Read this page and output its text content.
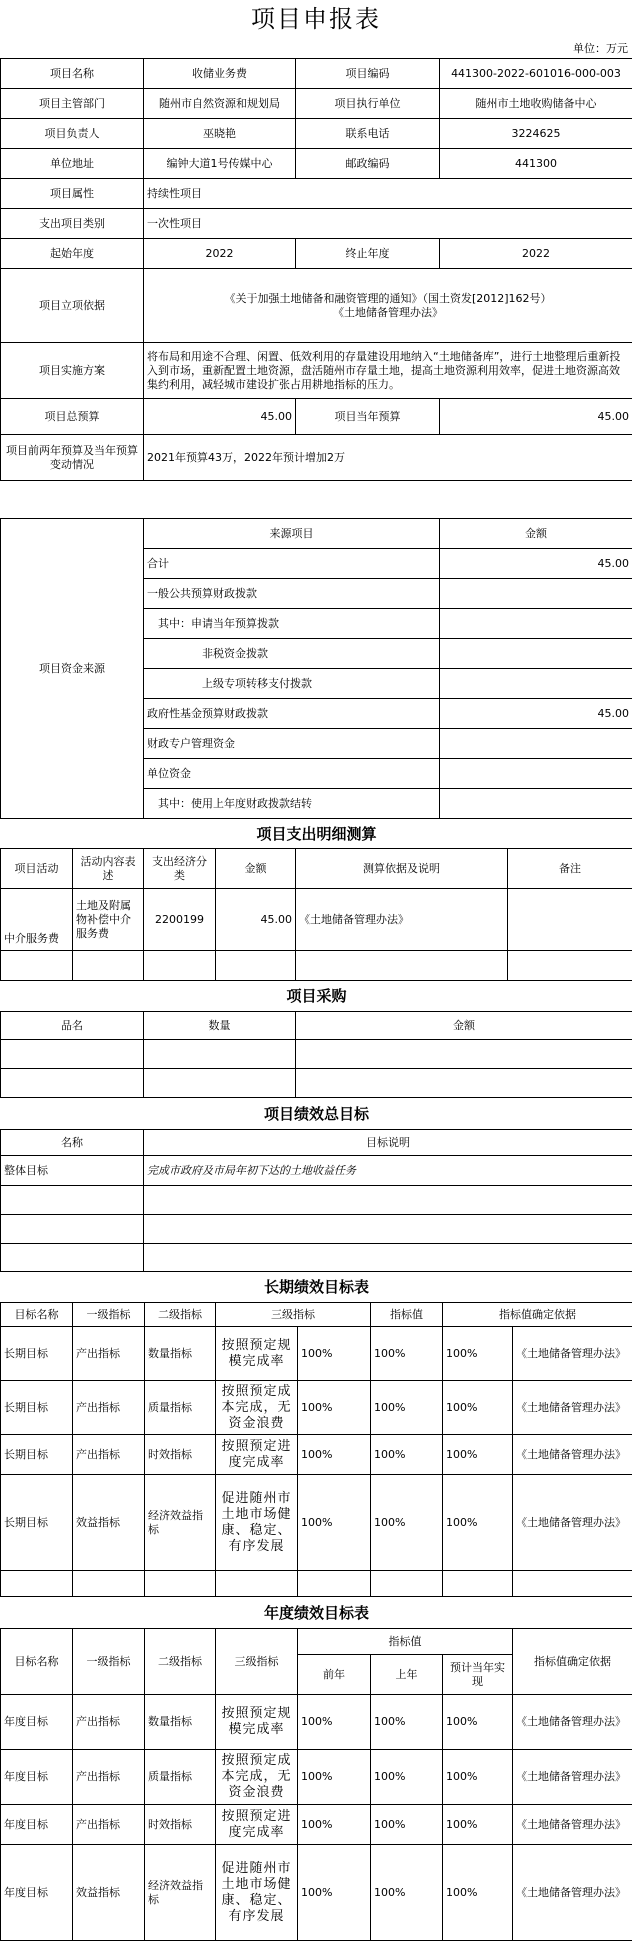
项目申报表
单位：万元
项目名称	收储业务费	项目编码	441300-2022-601016-000-003
项目主管部门	随州市自然资源和规划局	项目执行单位	随州市土地收购储备中心
项目负责人	巫晓艳	联系电话	3224625
单位地址	编钟大道1号传媒中心	邮政编码	441300
项目属性	持续性项目		
支出项目类别	一次性项目		
起始年度	2022	终止年度	2022
项目立项依据	《关于加强土地储备和融资管理的通知》（国土资发[2012]162号）
《土地储备管理办法》		

项目实施方案	将布局和用途不合理、闲置、低效利用的存量建设用地纳入“土地储备库”，进行土地整理后重新投入到市场，重新配置土地资源，盘活随州市存量土地，提高土地资源利用效率，促进土地资源高效集约利用，减轻城市建设扩张占用耕地指标的压力。		
项目总预算	45.00	项目当年预算	45.00
项目前两年预算及当年预算变动情况	2021年预算43万，2022年预计增加2万		
项目资金来源	来源项目	金额
	合计	45.00
	一般公共预算财政拨款	
	其中：申请当年预算拨款	
	非税资金拨款	
	上级专项转移支付拨款	
	政府性基金预算财政拨款	45.00
	财政专户管理资金	
	单位资金	
	其中：使用上年度财政拨款结转	
项目支出明细测算					
项目活动	活动内容表述	支出经济分类	金额	测算依据及说明	备注
中介服务费	土地及附属物补偿中介服务费	2200199	45.00	《土地储备管理办法》	

项目采购		
品名	数量	金额

项目绩效总目标	
名称	目标说明
整体目标	完成市政府及市局年初下达的土地收益任务

长期绩效目标表							
目标名称	一级指标	二级指标	三级指标		指标值	指标值确定依据	
长期目标	产出指标	数量指标	按照预定规模完成率	100%	100%	100%	《土地储备管理办法》
长期目标	产出指标	质量指标	按照预定成本完成，无资金浪费	100%	100%	100%	《土地储备管理办法》
长期目标	产出指标	时效指标	按照预定进度完成率	100%	100%	100%	《土地储备管理办法》
长期目标	效益指标	经济效益指标	促进随州市土地市场健康、稳定、有序发展	100%	100%	100%	《土地储备管理办法》

年度绩效目标表							
目标名称	一级指标	二级指标	三级指标	指标值			指标值确定依据
				前年	上年	预计当年实现	
年度目标	产出指标	数量指标	按照预定规模完成率	100%	100%	100%	《土地储备管理办法》
年度目标	产出指标	质量指标	按照预定成本完成，无资金浪费	100%	100%	100%	《土地储备管理办法》
年度目标	产出指标	时效指标	按照预定进度完成率	100%	100%	100%	《土地储备管理办法》
年度目标	效益指标	经济效益指标	促进随州市土地市场健康、稳定、有序发展	100%	100%	100%	《土地储备管理办法》
